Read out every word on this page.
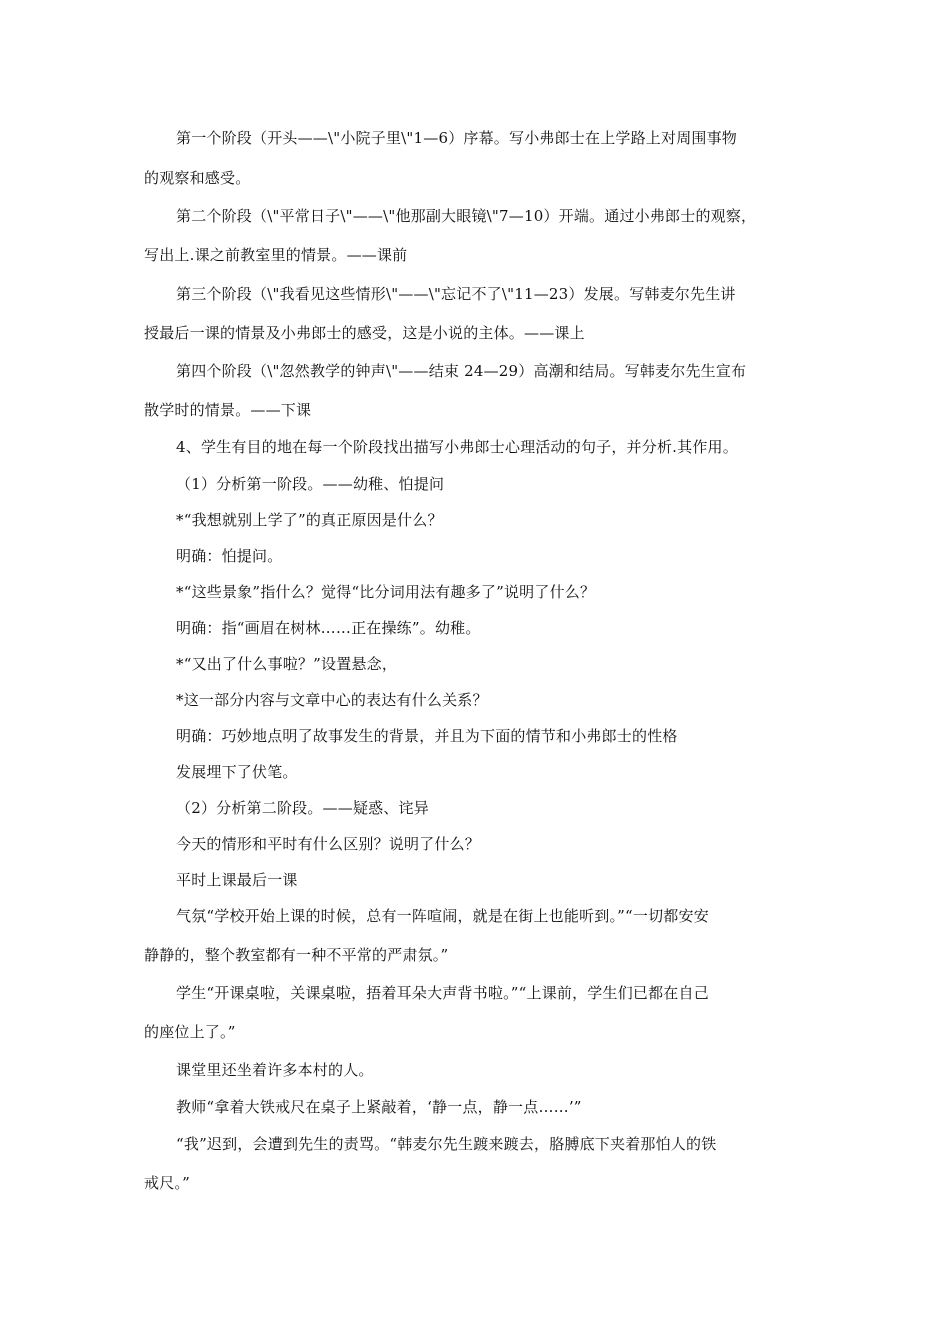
第一个阶段（开头——\"小院子里\"1—6）序幕。写小弗郎士在上学路上对周围事物
的观察和感受。
第二个阶段（\"平常日子\"——\"他那副大眼镜\"7—10）开端。通过小弗郎士的观察，
写出上.课之前教室里的情景。——课前
第三个阶段（\"我看见这些情形\"——\"忘记不了\"11—23）发展。写韩麦尔先生讲
授最后一课的情景及小弗郎士的感受，这是小说的主体。——课上
第四个阶段（\"忽然教学的钟声\"——结束 24—29）高潮和结局。写韩麦尔先生宣布
散学时的情景。——下课
4、学生有目的地在每一个阶段找出描写小弗郎士心理活动的句子，并分析.其作用。
（1）分析第一阶段。——幼稚、怕提问
*“我想就别上学了”的真正原因是什么？
明确：怕提问。
*“这些景象”指什么？觉得“比分词用法有趣多了”说明了什么？
明确：指“画眉在树林……正在操练”。幼稚。
*“又出了什么事啦？”设置悬念，
*这一部分内容与文章中心的表达有什么关系？
明确：巧妙地点明了故事发生的背景，并且为下面的情节和小弗郎士的性格
发展埋下了伏笔。
（2）分析第二阶段。——疑惑、诧异
今天的情形和平时有什么区别？说明了什么？
平时上课最后一课
气氛“学校开始上课的时候，总有一阵喧闹，就是在街上也能听到。”“一切都安安
静静的，整个教室都有一种不平常的严肃氛。”
学生“开课桌啦，关课桌啦，捂着耳朵大声背书啦。”“上课前，学生们已都在自己
的座位上了。”
课堂里还坐着许多本村的人。
教师“拿着大铁戒尺在桌子上紧敲着，‘静一点，静一点……’”
“我”迟到，会遭到先生的责骂。“韩麦尔先生踱来踱去，胳膊底下夹着那怕人的铁
戒尺。”
